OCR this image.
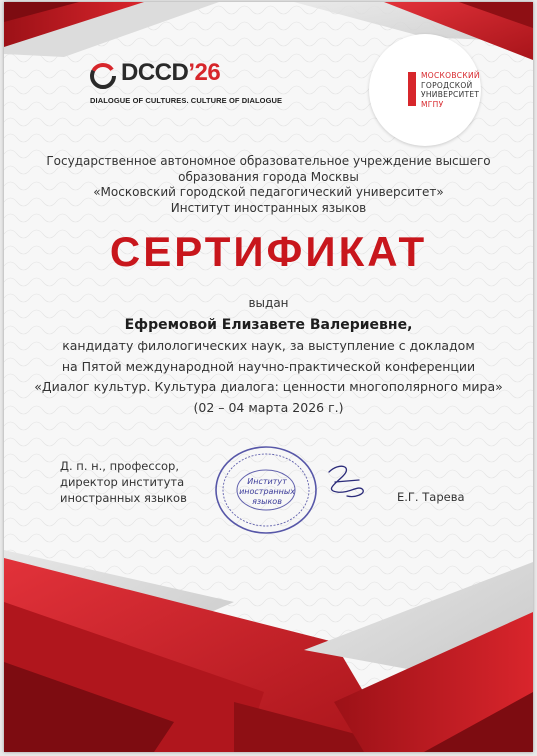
DCCD’26
DIALOGUE OF CULTURES. CULTURE OF DIALOGUE
МОСКОВСКИЙ
ГОРОДСКОЙ
УНИВЕРСИТЕТ
МГПУ
Государственное автономное образовательное учреждение высшего
образования города Москвы
«Московский городской педагогический университет»
Институт иностранных языков
СЕРТИФИКАТ
выдан
Ефремовой Елизавете Валериевне,
кандидату филологических наук, за выступление с докладом
на Пятой международной научно-практической конференции
«Диалог культур. Культура диалога: ценности многополярного мира»
(02 – 04 марта 2026 г.)
Д. п. н., профессор,
директор института
иностранных языков
Институт
иностранных
языков	Е.Г. Тарева
